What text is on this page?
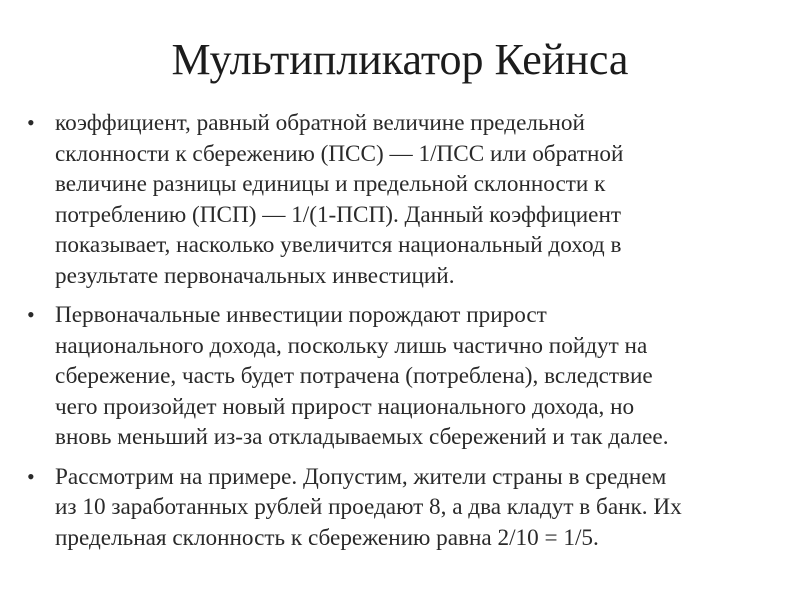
Мультипликатор Кейнса
• коэффициент, равный обратной величине предельной
склонности к сбережению (ПСС) — 1/ПСС или обратной
величине разницы единицы и предельной склонности к
потреблению (ПСП) — 1/(1-ПСП). Данный коэффициент
показывает, насколько увеличится национальный доход в
результате первоначальных инвестиций.
• Первоначальные инвестиции порождают прирост
национального дохода, поскольку лишь частично пойдут на
сбережение, часть будет потрачена (потреблена), вследствие
чего произойдет новый прирост национального дохода, но
вновь меньший из-за откладываемых сбережений и так далее.
• Рассмотрим на примере. Допустим, жители страны в среднем
из 10 заработанных рублей проедают 8, а два кладут в банк. Их
предельная склонность к сбережению равна 2/10 = 1/5.
